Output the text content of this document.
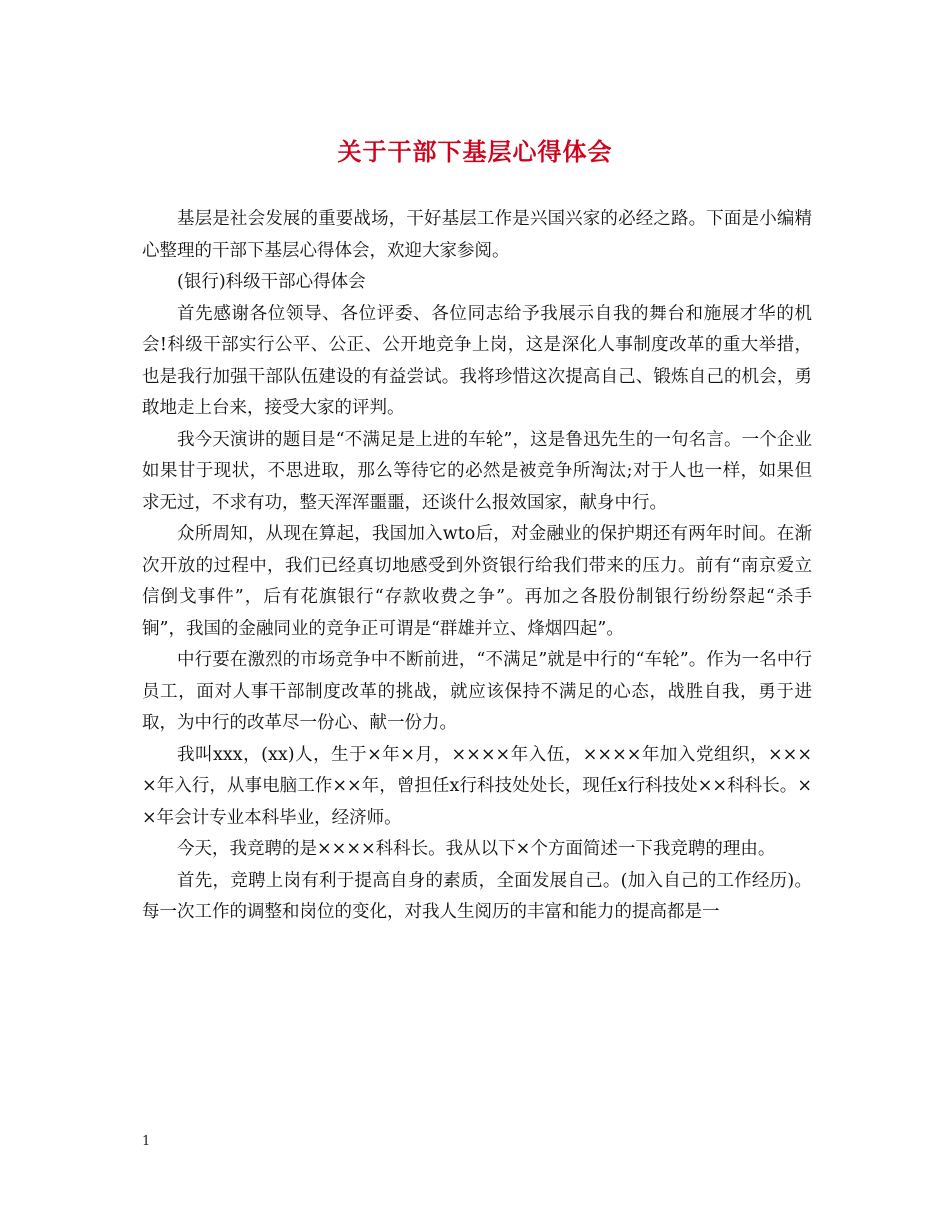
关于干部下基层心得体会

基层是社会发展的重要战场，干好基层工作是兴国兴家的必经之路。下面是小编精心整理的干部下基层心得体会，欢迎大家参阅。

(银行)科级干部心得体会

首先感谢各位领导、各位评委、各位同志给予我展示自我的舞台和施展才华的机会!科级干部实行公平、公正、公开地竞争上岗，这是深化人事制度改革的重大举措，也是我行加强干部队伍建设的有益尝试。我将珍惜这次提高自己、锻炼自己的机会，勇敢地走上台来，接受大家的评判。

我今天演讲的题目是“不满足是上进的车轮”，这是鲁迅先生的一句名言。一个企业如果甘于现状，不思进取，那么等待它的必然是被竞争所淘汰;对于人也一样，如果但求无过，不求有功，整天浑浑噩噩，还谈什么报效国家，献身中行。

众所周知，从现在算起，我国加入wto后，对金融业的保护期还有两年时间。在渐次开放的过程中，我们已经真切地感受到外资银行给我们带来的压力。前有“南京爱立信倒戈事件”，后有花旗银行“存款收费之争”。再加之各股份制银行纷纷祭起“杀手锏”，我国的金融同业的竞争正可谓是“群雄并立、烽烟四起”。

中行要在激烈的市场竞争中不断前进，“不满足”就是中行的“车轮”。作为一名中行员工，面对人事干部制度改革的挑战，就应该保持不满足的心态，战胜自我，勇于进取，为中行的改革尽一份心、献一份力。

我叫xxx，(xx)人，生于×年×月，××××年入伍，××××年加入党组织，××××年入行，从事电脑工作××年，曾担任x行科技处处长，现任x行科技处××科科长。××年会计专业本科毕业，经济师。

今天，我竞聘的是××××科科长。我从以下×个方面简述一下我竞聘的理由。

首先，竞聘上岗有利于提高自身的素质，全面发展自己。(加入自己的工作经历)。每一次工作的调整和岗位的变化，对我人生阅历的丰富和能力的提高都是一

1
